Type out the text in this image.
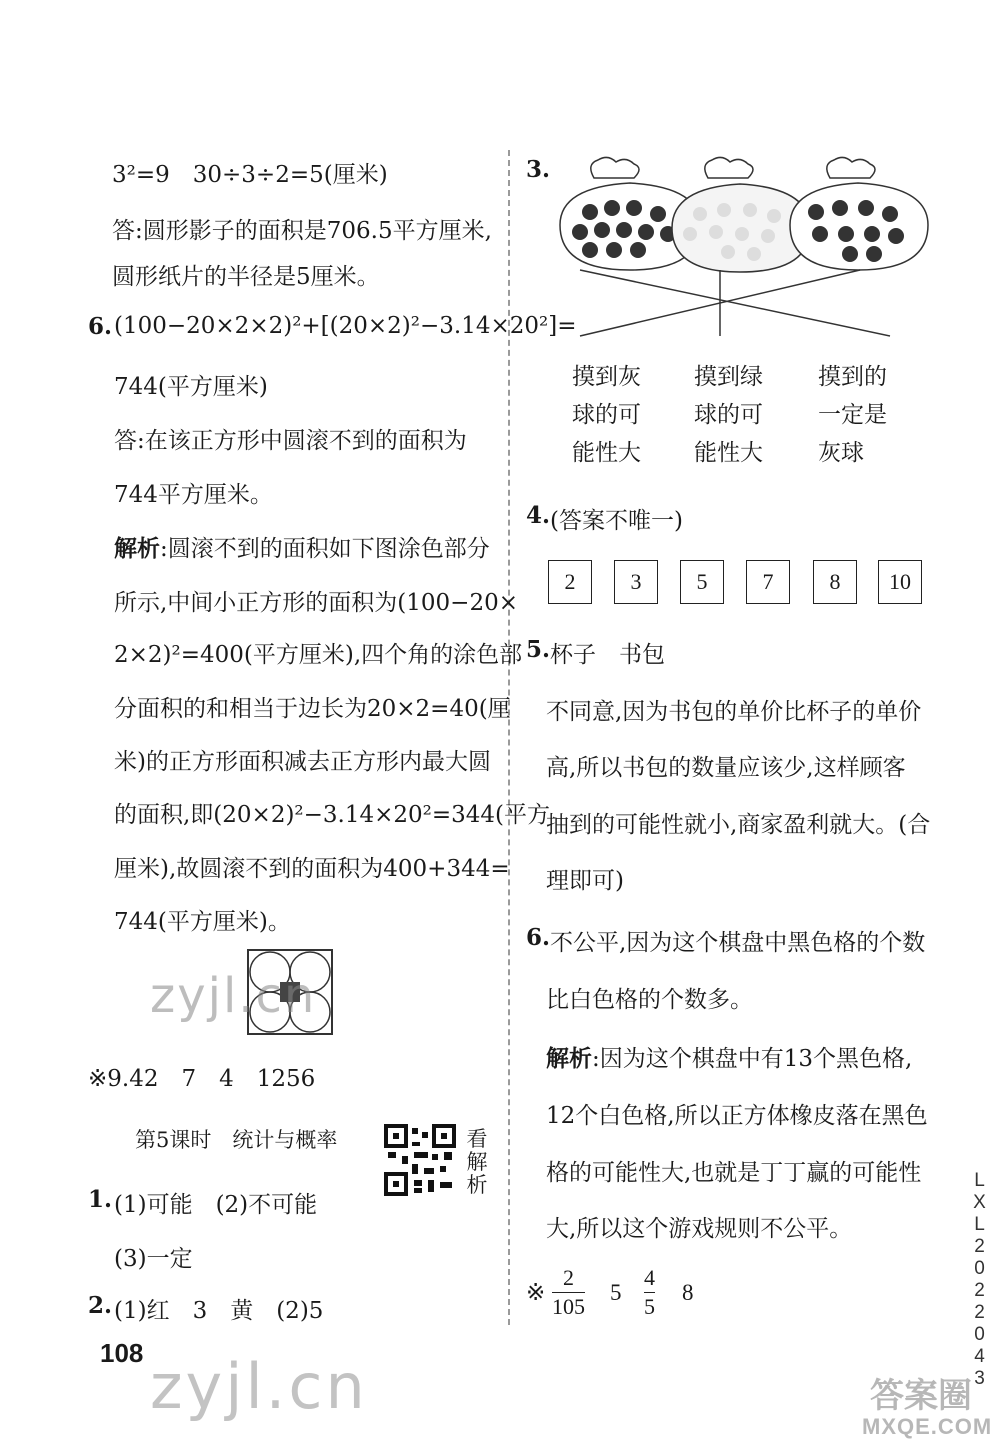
3²=9　30÷3÷2=5(厘米)
答:圆形影子的面积是706.5平方厘米,
圆形纸片的半径是5厘米。
6. (100−20×2×2)²+[(20×2)²−3.14×20²]=
744(平方厘米)
答:在该正方形中圆滚不到的面积为
744平方厘米。
解析:圆滚不到的面积如下图涂色部分
所示,中间小正方形的面积为(100−20×
2×2)²=400(平方厘米),四个角的涂色部
分面积的和相当于边长为20×2=40(厘
米)的正方形面积减去正方形内最大圆
的面积,即(20×2)²−3.14×20²=344(平方
厘米),故圆滚不到的面积为400+344=
744(平方厘米)。
zyjl.cn
※9.42　7　4　1256
第5课时　统计与概率	看
解
析
1. (1)可能　(2)不可能
(3)一定
2. (1)红　3　黄　(2)5
108 zyjl.cn
3.
摸到灰
球的可
能性大
摸到绿
球的可
能性大
摸到的
一定是
灰球
4. (答案不唯一)
2	3	5	7	8	10
5. 杯子　书包
不同意,因为书包的单价比杯子的单价
高,所以书包的数量应该少,这样顾客
抽到的可能性就小,商家盈利就大。(合
理即可)
6. 不公平,因为这个棋盘中黑色格的个数
比白色格的个数多。
解析:因为这个棋盘中有13个黑色格,
12个白色格,所以正方体橡皮落在黑色
格的可能性大,也就是丁丁赢的可能性
大,所以这个游戏规则不公平。
※
2
105
5
4
5
8
L
X
L
2
0
2
2
0
4
3
答案圈
MXQE.COM
